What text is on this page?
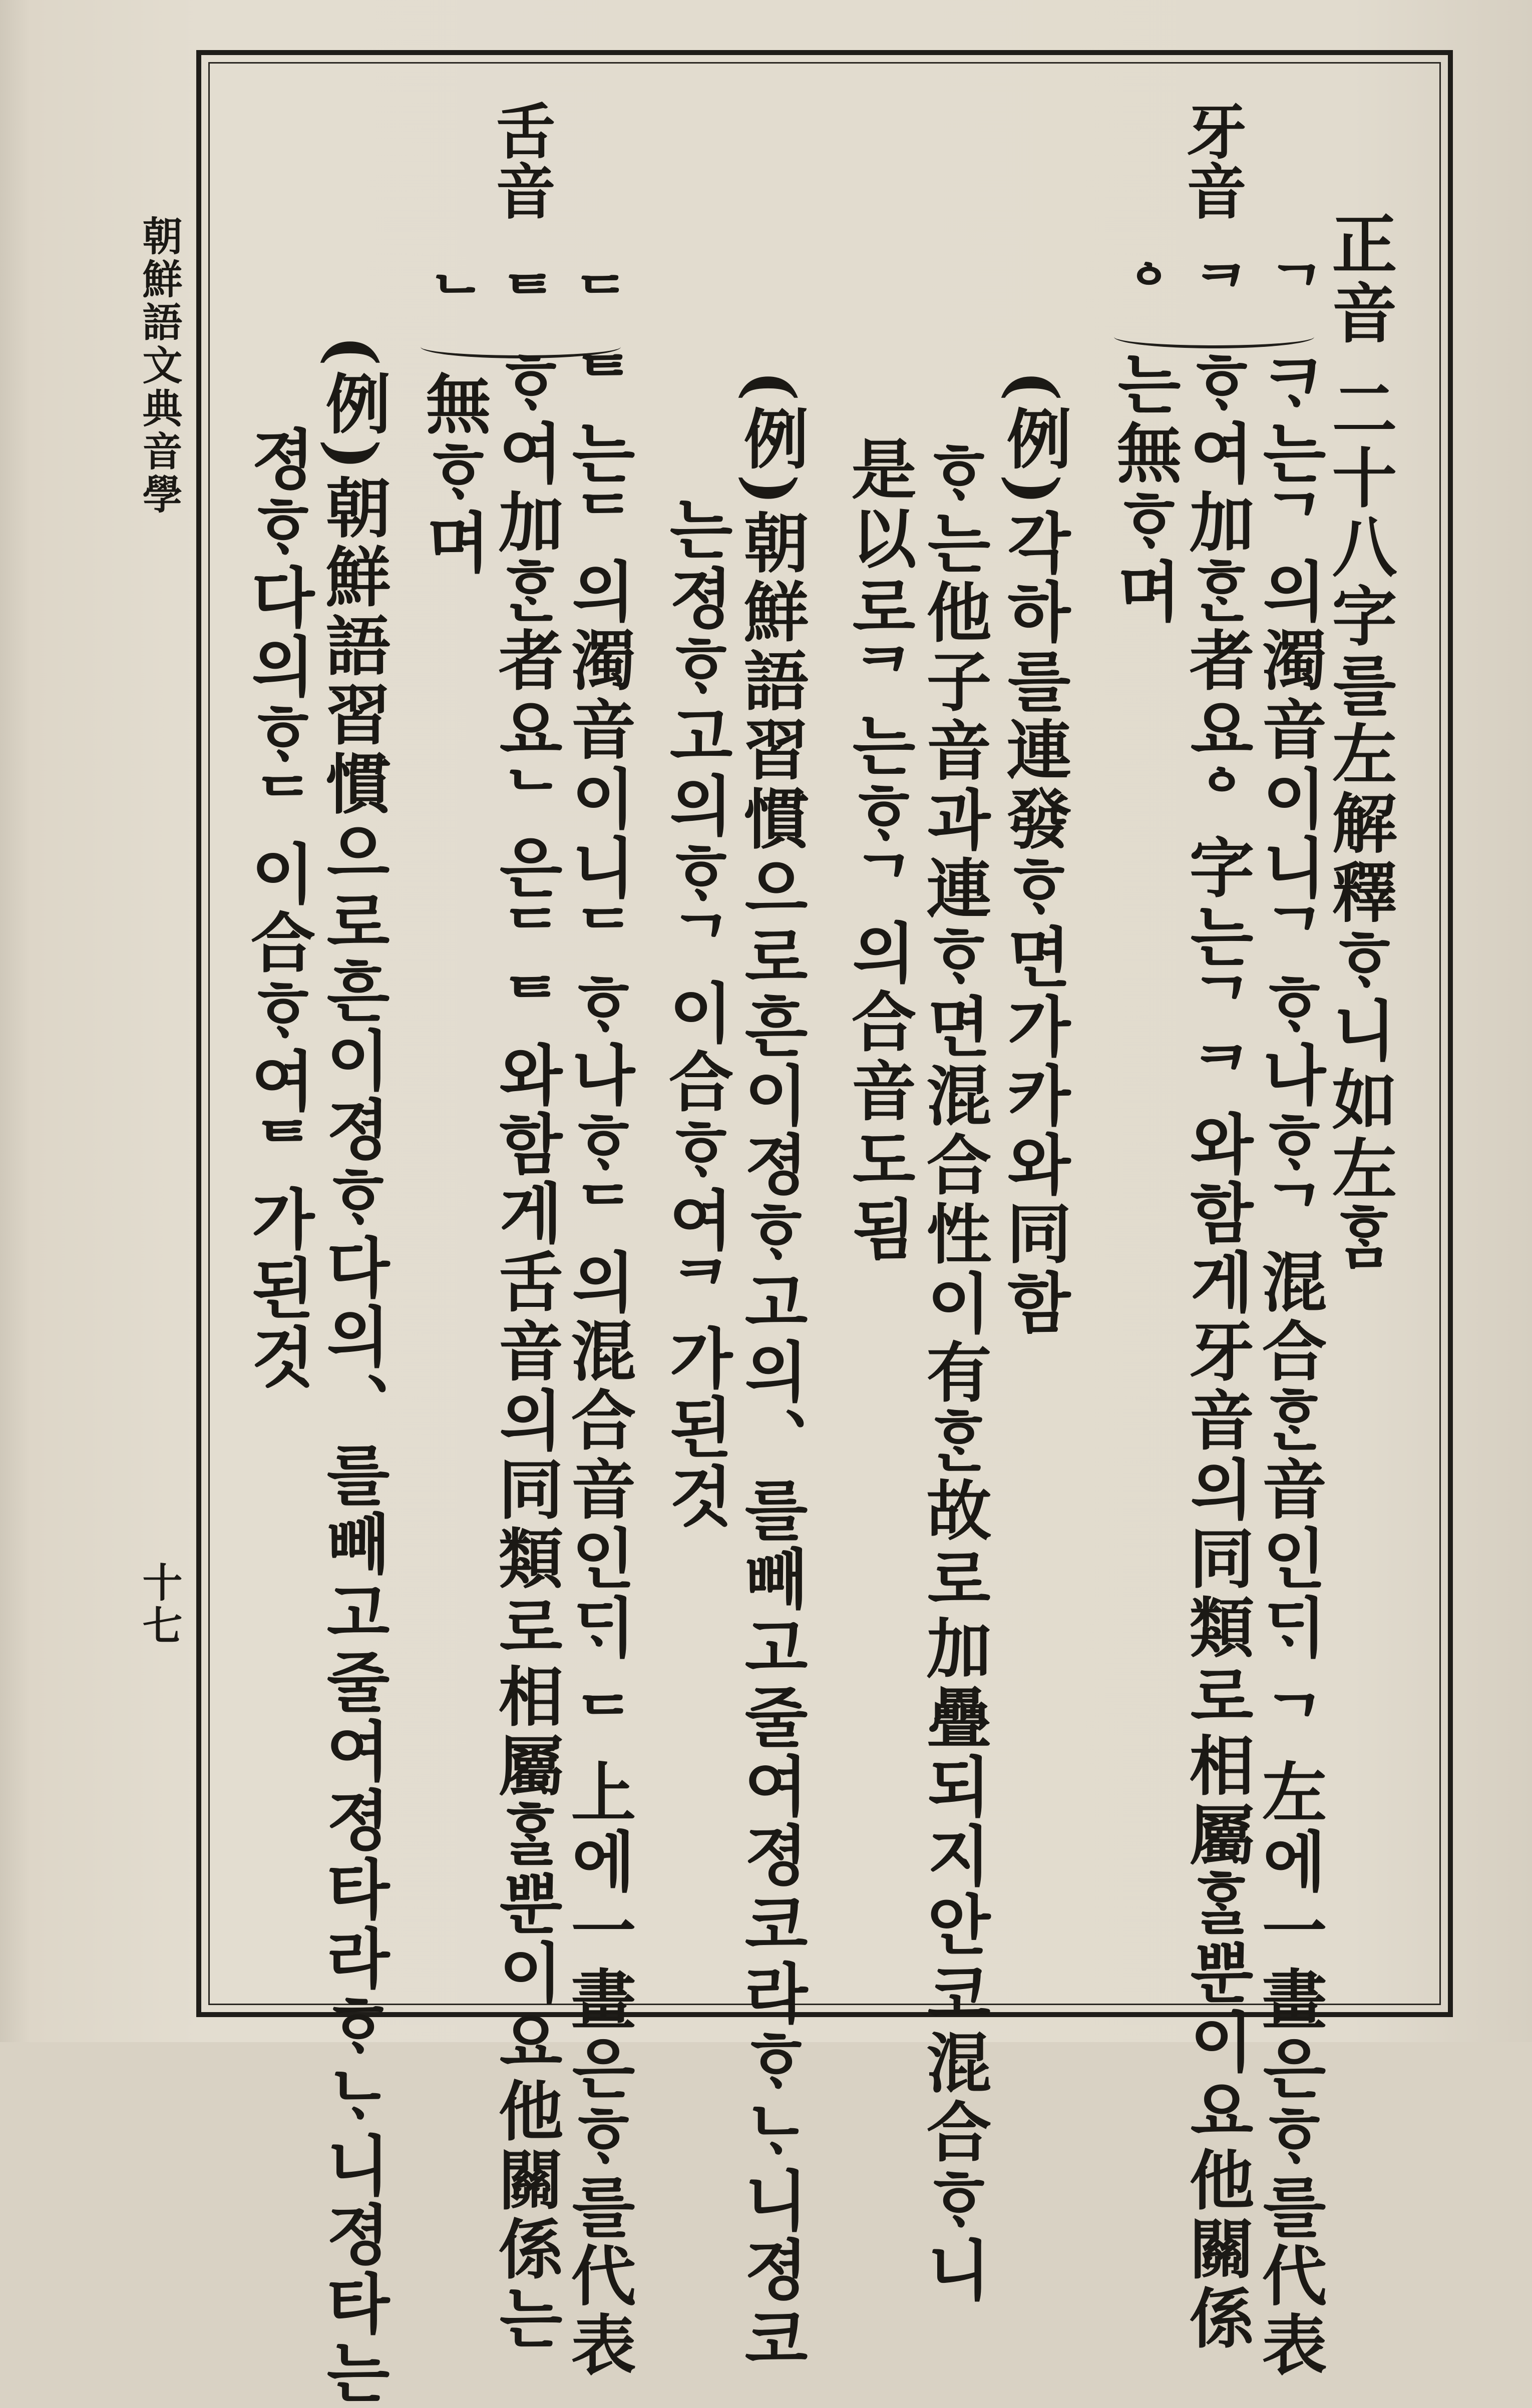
朝鮮語文典音學
十七
牙音
ᄀ
ᄏ
ᅌ
舌音
ᄃ
ᄐ
ᄂ	正音 二十八字를左解釋ᄒᆞ니如左ᄒᆞᆷ
ᄏᆞ는ᄀ의濁音이니ᄀᄒᆞ나ᄒᆞᄀ混合ᄒᆞᆫ音인ᄃᆡ ᄀ左에一畫은ᄒᆞ를代表
ᄒᆞ여加ᄒᆞᆫ者요ᅌ字는ᄀᄏ와함게牙音의同類로相屬ᄒᆞᆯ뿐이요他關係
는無ᄒᆞ며
(例)각하를連發ᄒᆞ면가카와同함
ᄒᆞ는他子音과連ᄒᆞ면混合性이有ᄒᆞᆫ故로加疊되지안코混合ᄒᆞ니
是以로ᄏ는ᄒᆞᄀ의合音도됨
(例)朝鮮語習慣으로흔이졍ᄒᆞ고의、를빼고줄여졍코라ᄒᆞᄂᆞ니졍코
는졍ᄒᆞ고의ᄒᆞᄀ이合ᄒᆞ여ᄏ가된것
ᄐ는ᄃ의濁音이니ᄃᄒᆞ나ᄒᆞᄃ의混合音인ᄃᆡ ᄃ上에一畫은ᄒᆞ를代表
ᄒᆞ여加ᄒᆞᆫ者요ᄂ은ᄃᄐ와함게舌音의同類로相屬ᄒᆞᆯ뿐이요他關係는
無ᄒᆞ며
(例)朝鮮語習慣으로흔이졍ᄒᆞ다의、를빼고줄여졍타라ᄒᆞᄂᆞ니졍타는
졍ᄒᆞ다의ᄒᆞᄃ이合ᄒᆞ여ᄐ가된것
